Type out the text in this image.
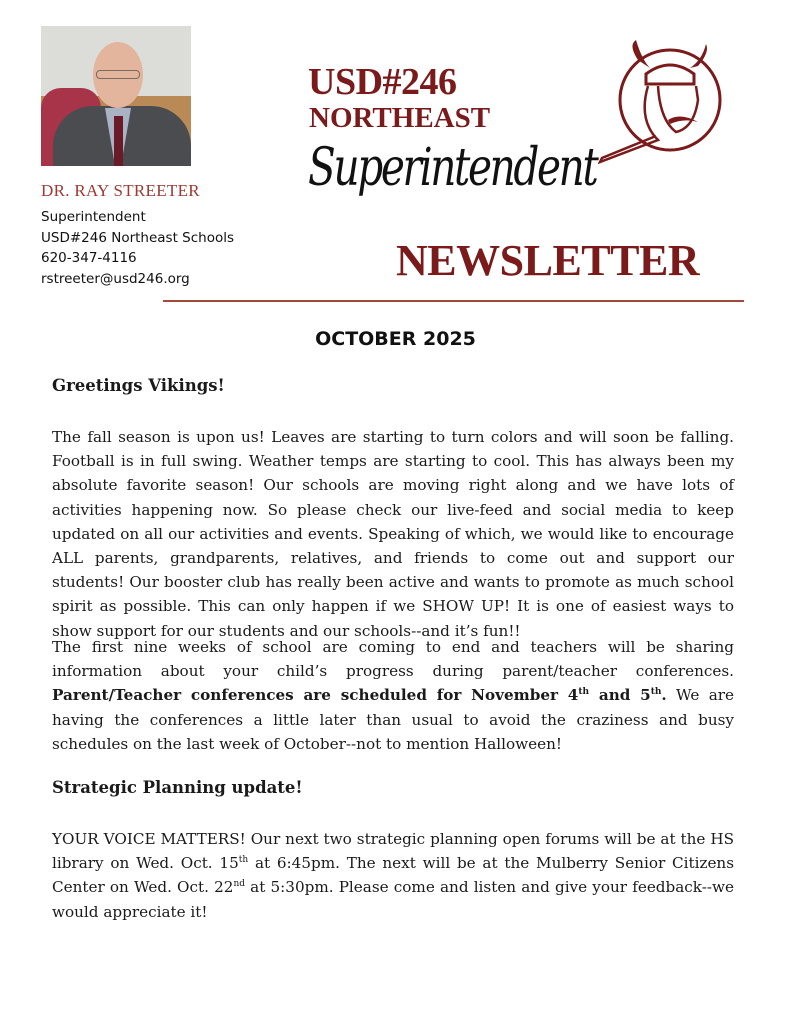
DR. RAY STREETER
Superintendent
USD#246 Northeast Schools
620-347-4116
rstreeter@usd246.org
USD#246
NORTHEAST
Superintendent
NEWSLETTER
OCTOBER 2025
Greetings Vikings!
The fall season is upon us! Leaves are starting to turn colors and will soon be falling. Football is in full swing. Weather temps are starting to cool. This has always been my absolute favorite season! Our schools are moving right along and we have lots of activities happening now. So please check our live-feed and social media to keep updated on all our activities and events. Speaking of which, we would like to encourage ALL parents, grandparents, relatives, and friends to come out and support our students! Our booster club has really been active and wants to promote as much school spirit as possible. This can only happen if we SHOW UP! It is one of easiest ways to show support for our students and our schools--and it’s fun!!
The first nine weeks of school are coming to end and teachers will be sharing information about your child’s progress during parent/teacher conferences. Parent/Teacher conferences are scheduled for November 4th and 5th. We are having the conferences a little later than usual to avoid the craziness and busy schedules on the last week of October--not to mention Halloween!
Strategic Planning update!
YOUR VOICE MATTERS! Our next two strategic planning open forums will be at the HS library on Wed. Oct. 15th at 6:45pm. The next will be at the Mulberry Senior Citizens Center on Wed. Oct. 22nd at 5:30pm. Please come and listen and give your feedback--we would appreciate it!
